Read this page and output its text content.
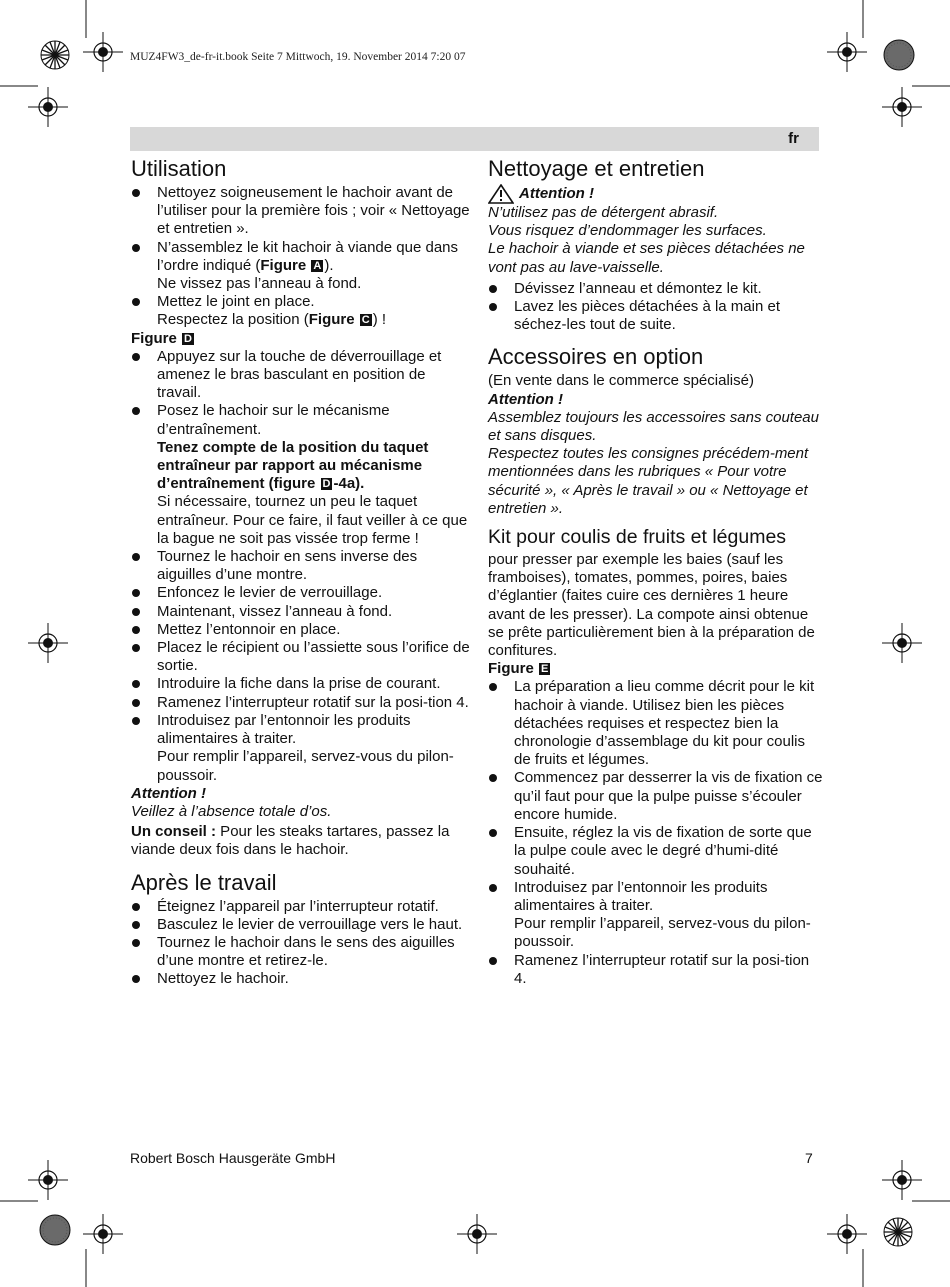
MUZ4FW3_de-fr-it.book Seite 7 Mittwoch, 19. November 2014 7:20 07
fr
Utilisation
Nettoyez soigneusement le hachoir avant de l’utiliser pour la première fois ; voir « Nettoyage et entretien ».
N’assemblez le kit hachoir à viande que dans l’ordre indiqué (Figure A ).
Ne vissez pas l’anneau à fond.
Mettez le joint en place.
Respectez la position (Figure C ) !

Figure D

Appuyez sur la touche de déverrouillage et amenez le bras basculant en position de travail.
Posez le hachoir sur le mécanisme d’entraînement.
Tenez compte de la position du taquet entraîneur par rapport au mécanisme d’entraînement (figure D -4a).
Si nécessaire, tournez un peu le taquet entraîneur. Pour ce faire, il faut veiller à ce que la bague ne soit pas vissée trop ferme !
Tournez le hachoir en sens inverse des aiguilles d’une montre.
Enfoncez le levier de verrouillage.
Maintenant, vissez l’anneau à fond.
Mettez l’entonnoir en place.
Placez le récipient ou l’assiette sous l’orifice de sortie.
Introduire la fiche dans la prise de courant.
Ramenez l’interrupteur rotatif sur la posi-tion 4.
Introduisez par l’entonnoir les produits alimentaires à traiter.
Pour remplir l’appareil, servez-vous du pilon-poussoir.

Attention !

Veillez à l’absence totale d’os.

Un conseil : Pour les steaks tartares, passez la viande deux fois dans le hachoir.

Après le travail
Éteignez l’appareil par l’interrupteur rotatif.
Basculez le levier de verrouillage vers le haut.
Tournez le hachoir dans le sens des aiguilles d’une montre et retirez-le.
Nettoyez le hachoir.
Nettoyage et entretien
Attention !

N’utilisez pas de détergent abrasif.

Vous risquez d’endommager les surfaces.

Le hachoir à viande et ses pièces détachées ne vont pas au lave-vaisselle.

Dévissez l’anneau et démontez le kit.
Lavez les pièces détachées à la main et séchez-les tout de suite.
Accessoires en option

(En vente dans le commerce spécialisé)

Attention !

Assemblez toujours les accessoires sans couteau et sans disques.

Respectez toutes les consignes précédem-ment mentionnées dans les rubriques « Pour votre sécurité », « Après le travail » ou « Nettoyage et entretien ».

Kit pour coulis de fruits et légumes

pour presser par exemple les baies (sauf les framboises), tomates, pommes, poires, baies d’églantier (faites cuire ces dernières 1 heure avant de les presser). La compote ainsi obtenue se prête particulièrement bien à la préparation de confitures.

Figure E

La préparation a lieu comme décrit pour le kit hachoir à viande. Utilisez bien les pièces détachées requises et respectez bien la chronologie d’assemblage du kit pour coulis de fruits et légumes.
Commencez par desserrer la vis de fixation ce qu’il faut pour que la pulpe puisse s’écouler encore humide.
Ensuite, réglez la vis de fixation de sorte que la pulpe coule avec le degré d’humi-dité souhaité.
Introduisez par l’entonnoir les produits alimentaires à traiter.
Pour remplir l’appareil, servez-vous du pilon-poussoir.
Ramenez l’interrupteur rotatif sur la posi-tion 4.
Robert Bosch Hausgeräte GmbH	7
